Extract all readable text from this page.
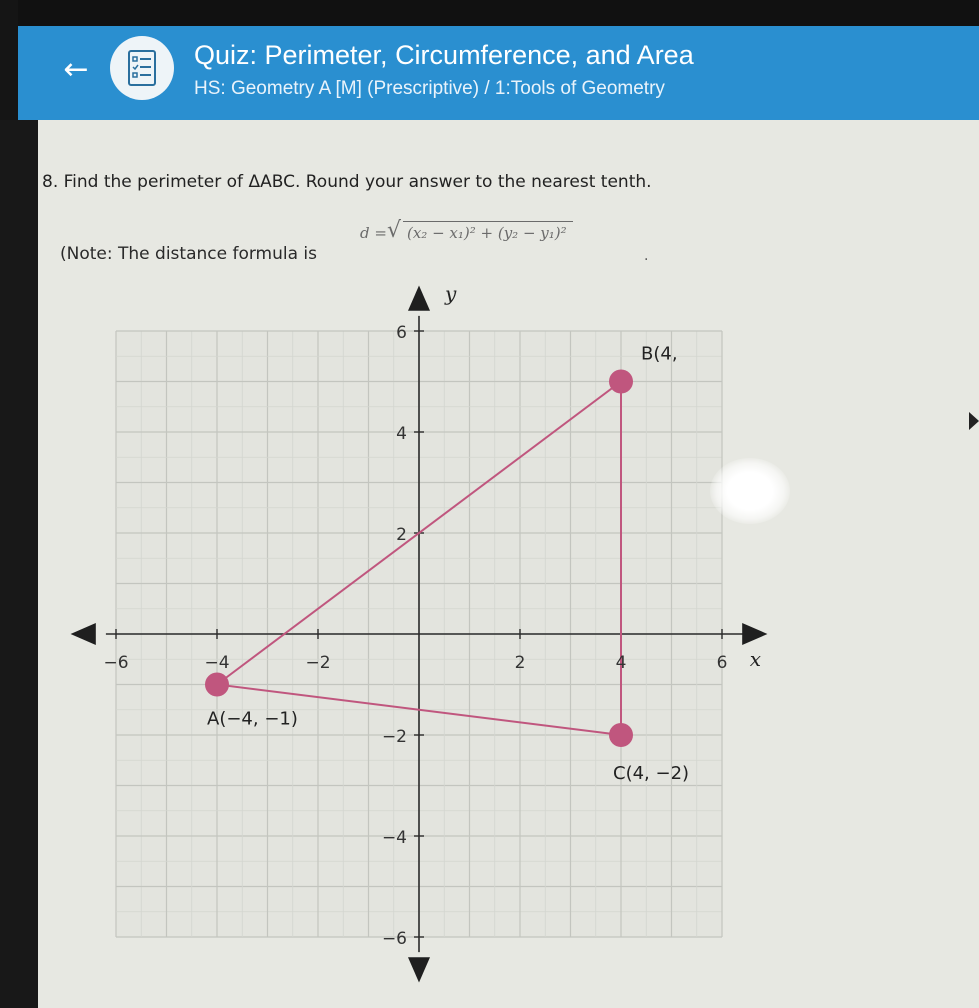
←	Quiz: Perimeter, Circumference, and Area
HS: Geometry A [M] (Prescriptive) / 1:Tools of Geometry
8. Find the perimeter of ΔABC. Round your answer to the nearest tenth.
(Note: The distance formula is
d = √ (x₂ − x₁)² + (y₂ − y₁)²
.
A(−4, −1)
B(4,
C(4, −2)
−6	−4	−2	2	4	6
6
4
2
−2
−4
−6
x
y
